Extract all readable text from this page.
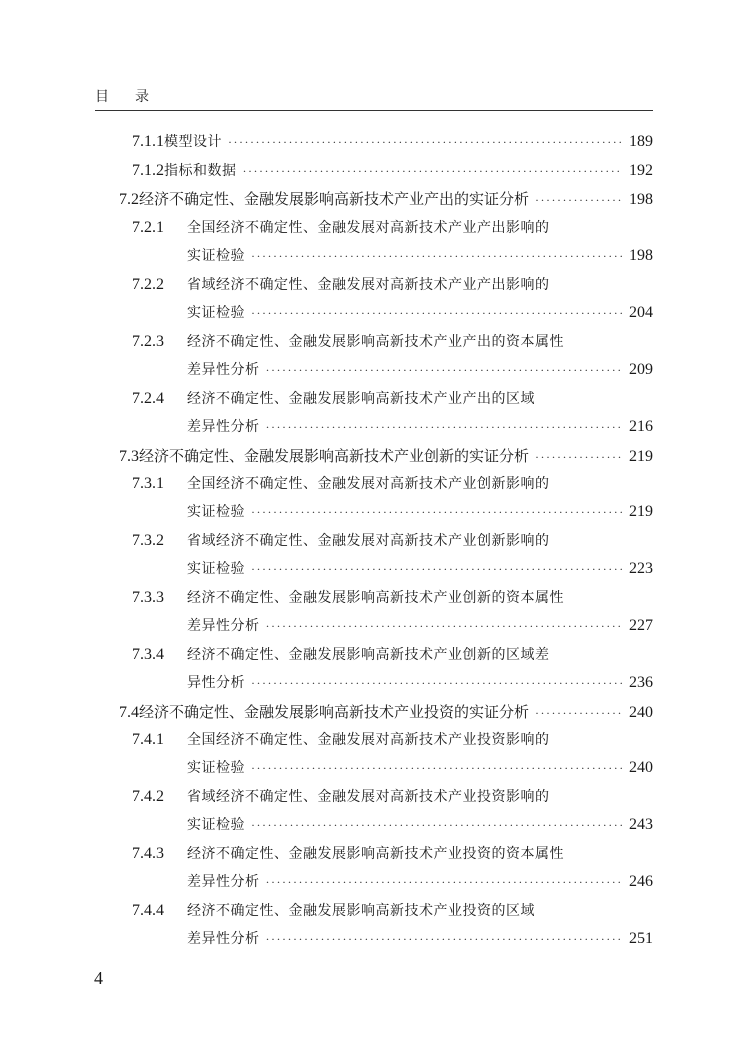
目 录
7.1.1 模型设计 ·····	189
7.1.2 指标和数据 ·····	192
7.2 经济不确定性、金融发展影响高新技术产业产出的实证分析 ·····	198
7.2.1	全国经济不确定性、金融发展对高新技术产业产出影响的
实证检验 ·····	198
7.2.2	省域经济不确定性、金融发展对高新技术产业产出影响的
实证检验 ·····	204
7.2.3	经济不确定性、金融发展影响高新技术产业产出的资本属性
差异性分析 ·····	209
7.2.4	经济不确定性、金融发展影响高新技术产业产出的区域
差异性分析 ·····	216
7.3 经济不确定性、金融发展影响高新技术产业创新的实证分析 ·····	219
7.3.1	全国经济不确定性、金融发展对高新技术产业创新影响的
实证检验 ·····	219
7.3.2	省域经济不确定性、金融发展对高新技术产业创新影响的
实证检验 ·····	223
7.3.3	经济不确定性、金融发展影响高新技术产业创新的资本属性
差异性分析 ·····	227
7.3.4	经济不确定性、金融发展影响高新技术产业创新的区域差
异性分析 ·····	236
7.4 经济不确定性、金融发展影响高新技术产业投资的实证分析 ·····	240
7.4.1	全国经济不确定性、金融发展对高新技术产业投资影响的
实证检验 ·····	240
7.4.2	省域经济不确定性、金融发展对高新技术产业投资影响的
实证检验 ·····	243
7.4.3	经济不确定性、金融发展影响高新技术产业投资的资本属性
差异性分析 ·····	246
7.4.4	经济不确定性、金融发展影响高新技术产业投资的区域
差异性分析 ·····	251
4
